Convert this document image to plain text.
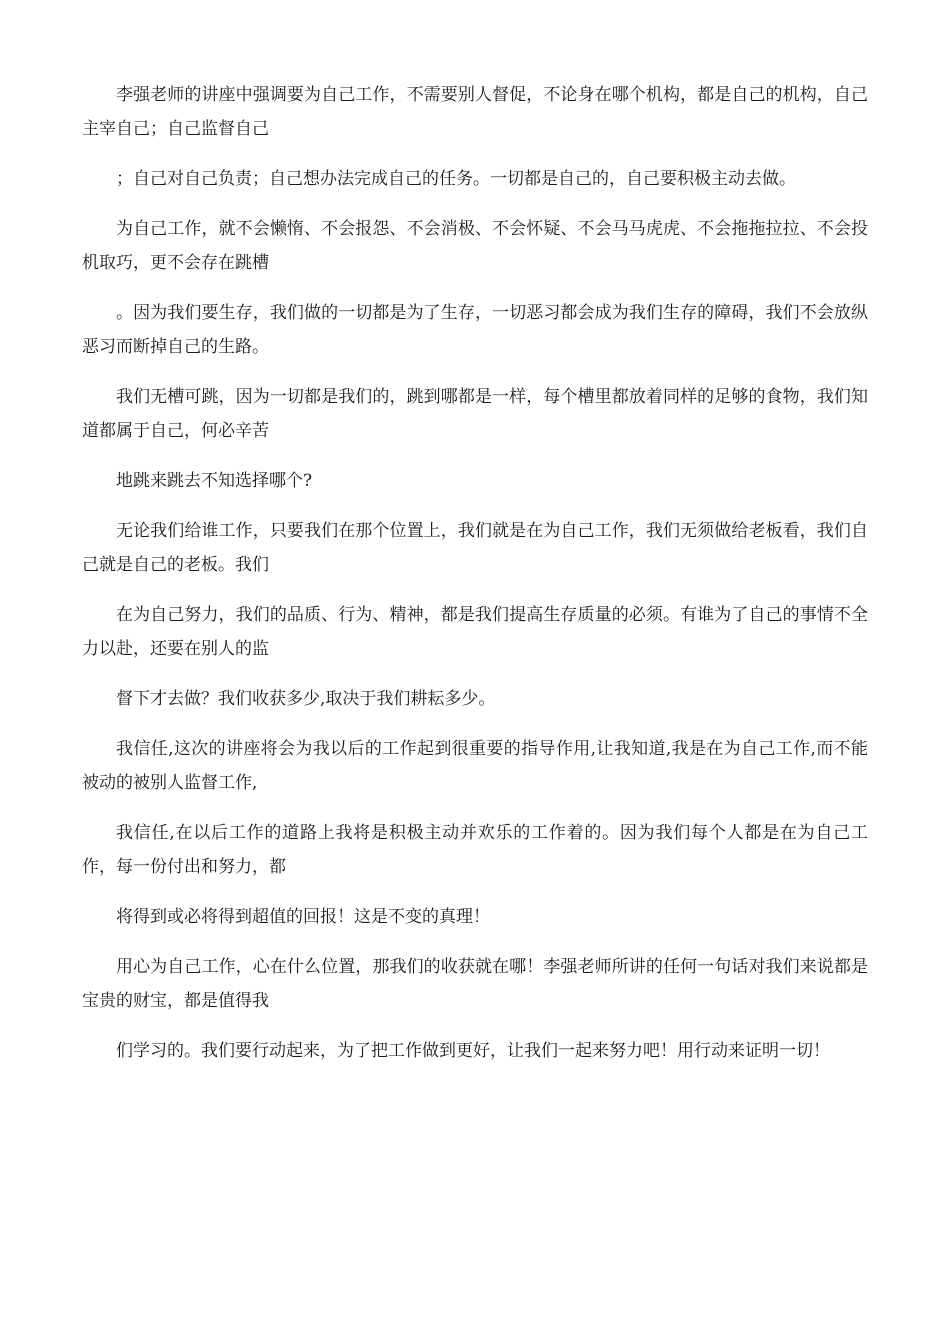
李强老师的讲座中强调要为自己工作，不需要别人督促，不论身在哪个机构，都是自己的机构，自己主宰自己；自己监督自己

；自己对自己负责；自己想办法完成自己的任务。一切都是自己的，自己要积极主动去做。

为自己工作，就不会懒惰、不会报怨、不会消极、不会怀疑、不会马马虎虎、不会拖拖拉拉、不会投机取巧，更不会存在跳槽

。因为我们要生存，我们做的一切都是为了生存，一切恶习都会成为我们生存的障碍，我们不会放纵恶习而断掉自己的生路。

我们无槽可跳，因为一切都是我们的，跳到哪都是一样，每个槽里都放着同样的足够的食物，我们知道都属于自己，何必辛苦

地跳来跳去不知选择哪个?

无论我们给谁工作，只要我们在那个位置上，我们就是在为自己工作，我们无须做给老板看，我们自己就是自己的老板。我们

在为自己努力，我们的品质、行为、精神，都是我们提高生存质量的必须。有谁为了自己的事情不全力以赴，还要在别人的监

督下才去做？我们收获多少,取决于我们耕耘多少。

我信任,这次的讲座将会为我以后的工作起到很重要的指导作用,让我知道,我是在为自己工作,而不能被动的被别人监督工作,

我信任,在以后工作的道路上我将是积极主动并欢乐的工作着的。因为我们每个人都是在为自己工作，每一份付出和努力，都

将得到或必将得到超值的回报！这是不变的真理！

用心为自己工作，心在什么位置，那我们的收获就在哪！李强老师所讲的任何一句话对我们来说都是宝贵的财宝，都是值得我

们学习的。我们要行动起来，为了把工作做到更好，让我们一起来努力吧！用行动来证明一切！
